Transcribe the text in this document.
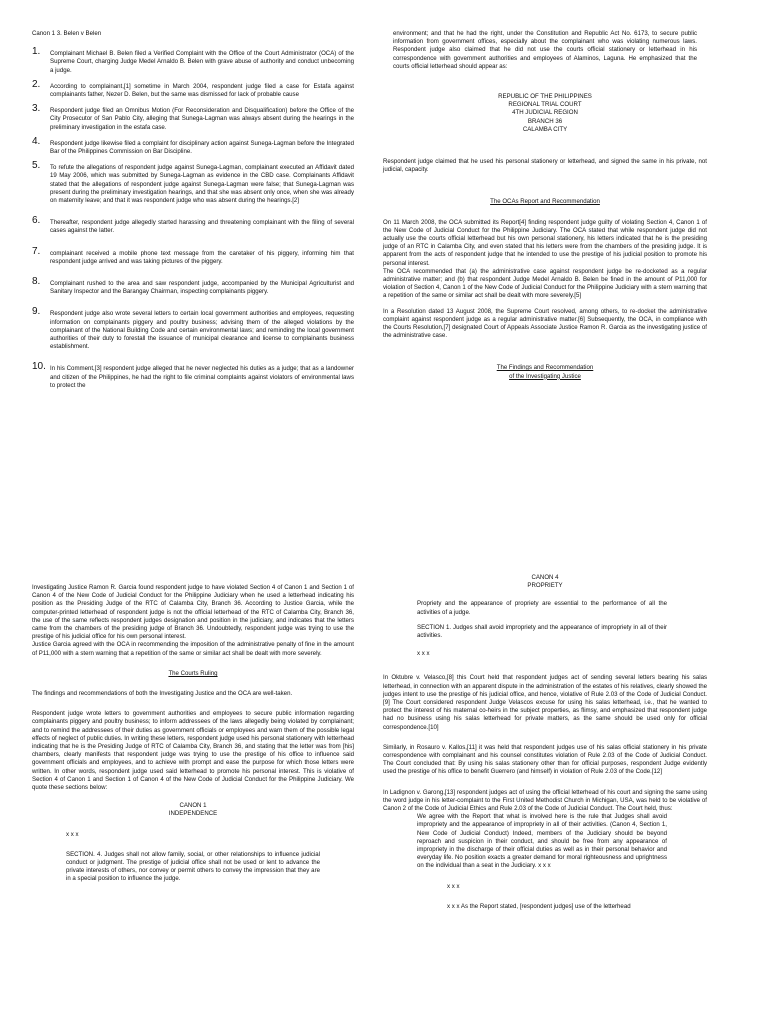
Canon 1 3. Belen v Belen
1. Complainant Michael B. Belen filed a Verified Complaint with the Office of the Court Administrator (OCA) of the Supreme Court, charging Judge Medel Arnaldo B. Belen with grave abuse of authority and conduct unbecoming a judge.
2. According to complainant,[1] sometime in March 2004, respondent judge filed a case for Estafa against complainants father, Nezer D. Belen, but the same was dismissed for lack of probable cause
3. Respondent judge filed an Omnibus Motion (For Reconsideration and Disqualification) before the Office of the City Prosecutor of San Pablo City, alleging that Sunega-Lagman was always absent during the hearings in the preliminary investigation in the estafa case.
4. Respondent judge likewise filed a complaint for disciplinary action against Sunega-Lagman before the Integrated Bar of the Philippines Commission on Bar Discipline.
5. To refute the allegations of respondent judge against Sunega-Lagman, complainant executed an Affidavit dated 19 May 2006, which was submitted by Sunega-Lagman as evidence in the CBD case. Complainants Affidavit stated that the allegations of respondent judge against Sunega-Lagman were false; that Sunega-Lagman was present during the preliminary investigation hearings, and that she was absent only once, when she was already on maternity leave; and that it was respondent judge who was absent during the hearings.[2]
6. Thereafter, respondent judge allegedly started harassing and threatening complainant with the filing of several cases against the latter.
7. complainant received a mobile phone text message from the caretaker of his piggery, informing him that respondent judge arrived and was taking pictures of the piggery.
8. Complainant rushed to the area and saw respondent judge, accompanied by the Municipal Agriculturist and Sanitary Inspector and the Barangay Chairman, inspecting complainants piggery.
9. Respondent judge also wrote several letters to certain local government authorities and employees, requesting information on complainants piggery and poultry business; advising them of the alleged violations by the complainant of the National Building Code and certain environmental laws; and reminding the local government authorities of their duty to forestall the issuance of municipal clearance and license to complainants business establishment.
10. In his Comment,[3] respondent judge alleged that he never neglected his duties as a judge; that as a landowner and citizen of the Philippines, he had the right to file criminal complaints against violators of environmental laws to protect the

environment; and that he had the right, under the Constitution and Republic Act No. 6173, to secure public information from government offices, especially about the complainant who was violating numerous laws. Respondent judge also claimed that he did not use the courts official stationery or letterhead in his correspondence with government authorities and employees of Alaminos, Laguna. He emphasized that the courts official letterhead should appear as:

REPUBLIC OF THE PHILIPPINES
REGIONAL TRIAL COURT
4TH JUDICIAL REGION
BRANCH 36
CALAMBA CITY

Respondent judge claimed that he used his personal stationery or letterhead, and signed the same in his private, not judicial, capacity.

The OCAs Report and Recommendation

On 11 March 2008, the OCA submitted its Report[4] finding respondent judge guilty of violating Section 4, Canon 1 of the New Code of Judicial Conduct for the Philippine Judiciary. The OCA stated that while respondent judge did not actually use the courts official letterhead but his own personal stationery, his letters indicated that he is the presiding judge of an RTC in Calamba City, and even stated that his letters were from the chambers of the presiding judge. It is apparent from the acts of respondent judge that he intended to use the prestige of his judicial position to promote his personal interest.

The OCA recommended that (a) the administrative case against respondent judge be re-docketed as a regular administrative matter; and (b) that respondent Judge Medel Arnaldo B. Belen be fined in the amount of P11,000 for violation of Section 4, Canon 1 of the New Code of Judicial Conduct for the Philippine Judiciary with a stern warning that a repetition of the same or similar act shall be dealt with more severely.[5]

In a Resolution dated 13 August 2008, the Supreme Court resolved, among others, to re-docket the administrative complaint against respondent judge as a regular administrative matter.[6] Subsequently, the OCA, in compliance with the Courts Resolution,[7] designated Court of Appeals Associate Justice Ramon R. Garcia as the investigating justice of the administrative case.

The Findings and Recommendation
of the Investigating Justice

Investigating Justice Ramon R. Garcia found respondent judge to have violated Section 4 of Canon 1 and Section 1 of Canon 4 of the New Code of Judicial Conduct for the Philippine Judiciary when he used a letterhead indicating his position as the Presiding Judge of the RTC of Calamba City, Branch 36. According to Justice Garcia, while the computer-printed letterhead of respondent judge is not the official letterhead of the RTC of Calamba City, Branch 36, the use of the same reflects respondent judges designation and position in the judiciary, and indicates that the letters came from the chambers of the presiding judge of Branch 36. Undoubtedly, respondent judge was trying to use the prestige of his judicial office for his own personal interest.

Justice Garcia agreed with the OCA in recommending the imposition of the administrative penalty of fine in the amount of P11,000 with a stern warning that a repetition of the same or similar act shall be dealt with more severely.

The Courts Ruling

The findings and recommendations of both the Investigating Justice and the OCA are well-taken.

Respondent judge wrote letters to government authorities and employees to secure public information regarding complainants piggery and poultry business; to inform addressees of the laws allegedly being violated by complainant; and to remind the addressees of their duties as government officials or employees and warn them of the possible legal effects of neglect of public duties. In writing these letters, respondent judge used his personal stationery with letterhead indicating that he is the Presiding Judge of RTC of Calamba City, Branch 36, and stating that the letter was from [his] chambers, clearly manifests that respondent judge was trying to use the prestige of his office to influence said government officials and employees, and to achieve with prompt and ease the purpose for which those letters were written. In other words, respondent judge used said letterhead to promote his personal interest. This is violative of Section 4 of Canon 1 and Section 1 of Canon 4 of the New Code of Judicial Conduct for the Philippine Judiciary. We quote these sections below:

CANON 1
INDEPENDENCE

x x x

SECTION. 4. Judges shall not allow family, social, or other relationships to influence judicial conduct or judgment. The prestige of judicial office shall not be used or lent to advance the private interests of others, nor convey or permit others to convey the impression that they are in a special position to influence the judge.

CANON 4
PROPRIETY

Propriety and the appearance of propriety are essential to the performance of all the activities of a judge.

SECTION 1. Judges shall avoid impropriety and the appearance of impropriety in all of their activities.

x x x

In Oktubre v. Velasco,[8] this Court held that respondent judges act of sending several letters bearing his salas letterhead, in connection with an apparent dispute in the administration of the estates of his relatives, clearly showed the judges intent to use the prestige of his judicial office, and hence, violative of Rule 2.03 of the Code of Judicial Conduct.[9] The Court considered respondent Judge Velascos excuse for using his salas letterhead, i.e., that he wanted to protect the interest of his maternal co-heirs in the subject properties, as flimsy, and emphasized that respondent judge had no business using his salas letterhead for private matters, as the same should be used only for official correspondence.[10]

Similarly, in Rosauro v. Kallos,[11] it was held that respondent judges use of his salas official stationery in his private correspondence with complainant and his counsel constitutes violation of Rule 2.03 of the Code of Judicial Conduct. The Court concluded that: By using his salas stationery other than for official purposes, respondent Judge evidently used the prestige of his office to benefit Guerrero (and himself) in violation of Rule 2.03 of the Code.[12]

In Ladignon v. Garong,[13] respondent judges act of using the official letterhead of his court and signing the same using the word judge in his letter-complaint to the First United Methodist Church in Michigan, USA, was held to be violative of Canon 2 of the Code of Judicial Ethics and Rule 2.03 of the Code of Judicial Conduct. The Court held, thus:

We agree with the Report that what is involved here is the rule that Judges shall avoid impropriety and the appearance of impropriety in all of their activities. (Canon 4, Section 1, New Code of Judicial Conduct) Indeed, members of the Judiciary should be beyond reproach and suspicion in their conduct, and should be free from any appearance of impropriety in the discharge of their official duties as well as in their personal behavior and everyday life. No position exacts a greater demand for moral righteousness and uprightness on the individual than a seat in the Judiciary. x x x

x x x

x x x As the Report stated, [respondent judges] use of the letterhead
